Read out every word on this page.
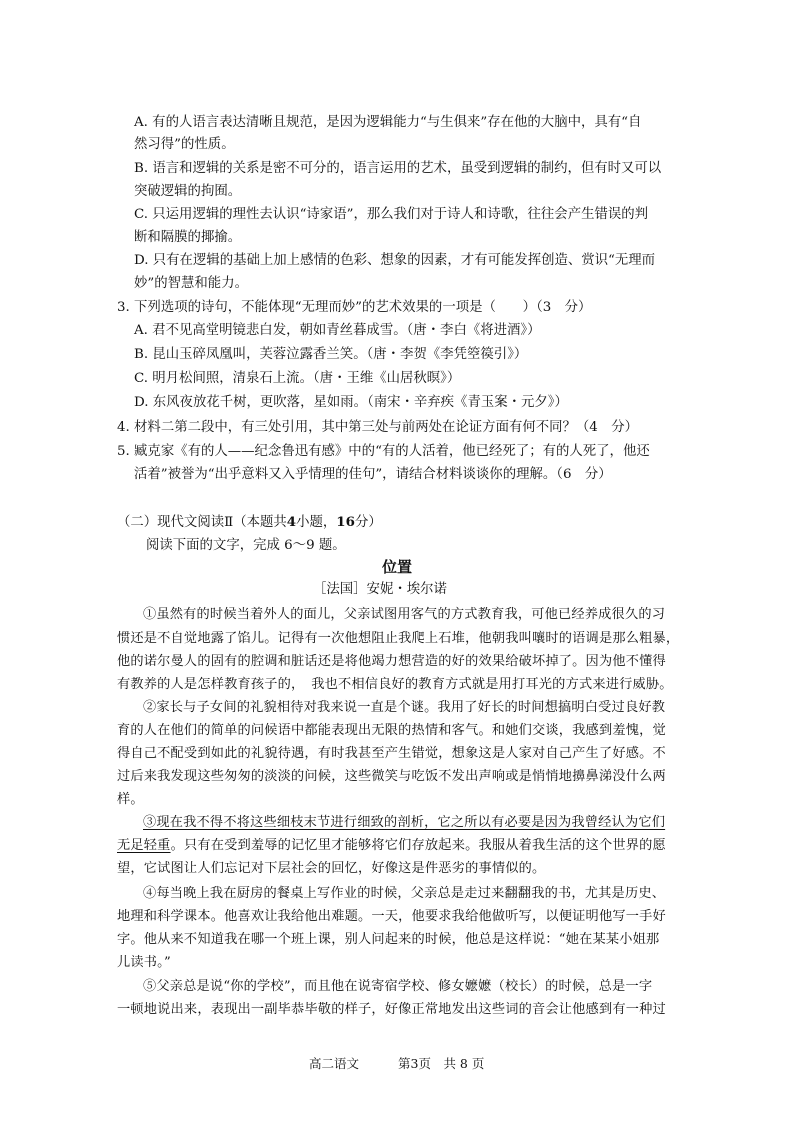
A. 有的人语言表达清晰且规范，是因为逻辑能力“与生俱来”存在他的大脑中，具有“自
然习得”的性质。
B. 语言和逻辑的关系是密不可分的，语言运用的艺术，虽受到逻辑的制约，但有时又可以
突破逻辑的拘囿。
C. 只运用逻辑的理性去认识“诗家语”，那么我们对于诗人和诗歌，往往会产生错误的判
断和隔膜的揶揄。
D. 只有在逻辑的基础上加上感情的色彩、想象的因素，才有可能发挥创造、赏识“无理而
妙”的智慧和能力。
3. 下列选项的诗句，不能体现“无理而妙”的艺术效果的一项是（　　）（3　分）
A. 君不见高堂明镜悲白发，朝如青丝暮成雪。（唐・李白《将进酒》）
B. 昆山玉碎凤凰叫，芙蓉泣露香兰笑。（唐・李贺《李凭箜篌引》）
C. 明月松间照，清泉石上流。（唐・王维《山居秋暝》）
D. 东风夜放花千树，更吹落，星如雨。（南宋・辛弃疾《青玉案・元夕》）
4. 材料二第二段中，有三处引用，其中第三处与前两处在论证方面有何不同？（4　分）
5. 臧克家《有的人——纪念鲁迅有感》中的“有的人活着，他已经死了；有的人死了，他还
活着”被誉为“出乎意料又入乎情理的佳句”，请结合材料谈谈你的理解。（6　分）
（二）现代文阅读Ⅱ（本题共4小题，16分）
阅读下面的文字，完成 6～9 题。
位置
［法国］安妮・埃尔诺
①虽然有的时候当着外人的面儿，父亲试图用客气的方式教育我，可他已经养成很久的习
惯还是不自觉地露了馅儿。记得有一次他想阻止我爬上石堆，他朝我叫嚷时的语调是那么粗暴，
他的诺尔曼人的固有的腔调和脏话还是将他竭力想营造的好的效果给破坏掉了。因为他不懂得
有教养的人是怎样教育孩子的，　我也不相信良好的教育方式就是用打耳光的方式来进行威胁。
②家长与子女间的礼貌相待对我来说一直是个谜。我用了好长的时间想搞明白受过良好教
育的人在他们的简单的问候语中都能表现出无限的热情和客气。和她们交谈，我感到羞愧，觉
得自己不配受到如此的礼貌待遇，有时我甚至产生错觉，想象这是人家对自己产生了好感。不
过后来我发现这些匆匆的淡淡的问候，这些微笑与吃饭不发出声响或是悄悄地擤鼻涕没什么两
样。
③现在我不得不将这些细枝末节进行细致的剖析，它之所以有必要是因为我曾经认为它们
无足轻重。只有在受到羞辱的记忆里才能够将它们存放起来。我服从着我生活的这个世界的愿
望，它试图让人们忘记对下层社会的回忆，好像这是件恶劣的事情似的。
④每当晚上我在厨房的餐桌上写作业的时候，父亲总是走过来翻翻我的书，尤其是历史、
地理和科学课本。他喜欢让我给他出难题。一天，他要求我给他做听写，以便证明他写一手好
字。他从来不知道我在哪一个班上课，别人问起来的时候，他总是这样说：“她在某某小姐那
儿读书。”
⑤父亲总是说“你的学校”，而且他在说寄宿学校、修女嬷嬷（校长）的时候，总是一字
一顿地说出来，表现出一副毕恭毕敬的样子，好像正常地发出这些词的音会让他感到有一种过
高二语文	第3页　共 8 页
